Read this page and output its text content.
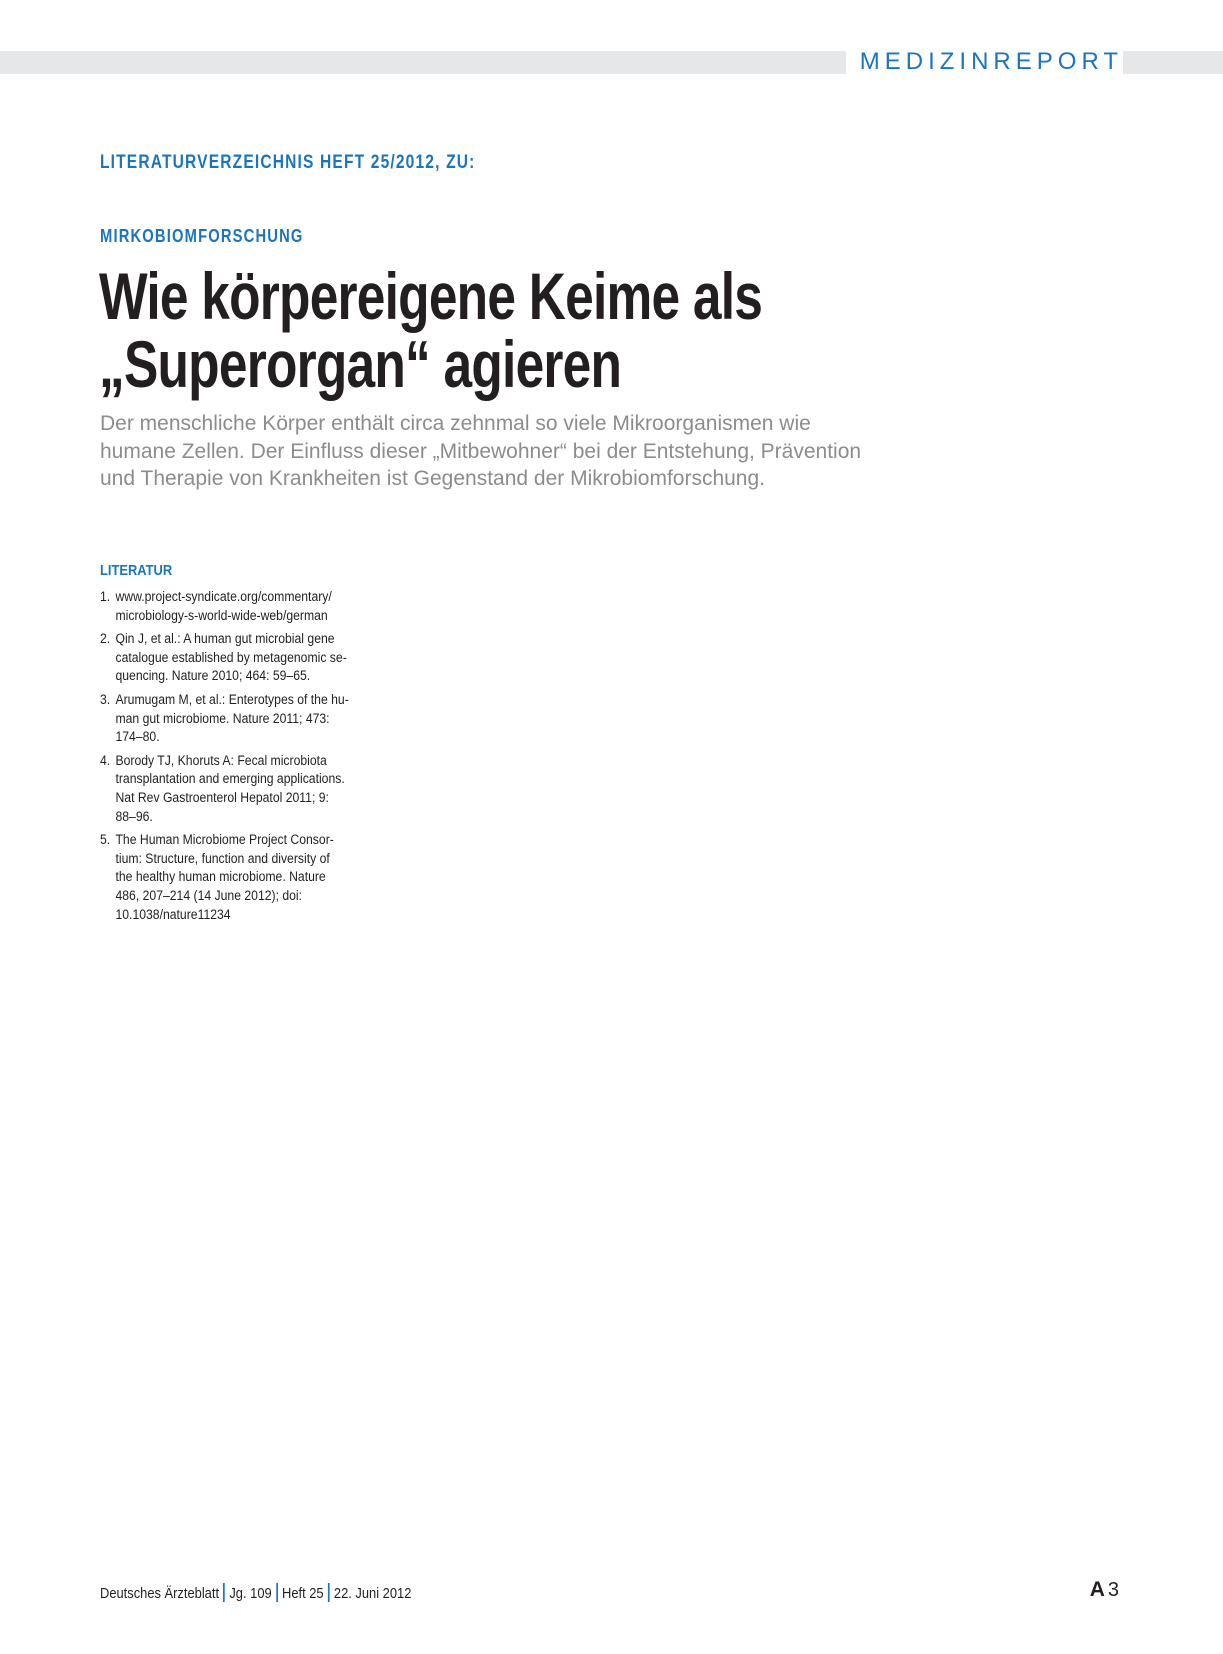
MEDIZINREPORT
LITERATURVERZEICHNIS HEFT 25/2012, ZU:
MIRKOBIOMFORSCHUNG
Wie körpereigene Keime als
„Superorgan“ agieren

Der menschliche Körper enthält circa zehnmal so viele Mikroorganismen wie
humane Zellen. Der Einfluss dieser „Mitbewohner“ bei der Entstehung, Prävention
und Therapie von Krankheiten ist Gegenstand der Mikrobiomforschung.

LITERATUR
1. www.project-syndicate.org/commentary/
microbiology-s-world-wide-web/german
2. Qin J, et al.: A human gut microbial gene
catalogue established by metagenomic se-
quencing. Nature 2010; 464: 59–65.
3. Arumugam M, et al.: Enterotypes of the hu-
man gut microbiome. Nature 2011; 473:
174–80.
4. Borody TJ, Khoruts A: Fecal microbiota
transplantation and emerging applications.
Nat Rev Gastroenterol Hepatol 2011; 9:
88–96.
5. The Human Microbiome Project Consor-
tium: Structure, function and diversity of
the healthy human microbiome. Nature
486, 207–214 (14 June 2012); doi:
10.1038/nature11234
Deutsches Ärzteblatt Jg. 109 Heft 25 22. Juni 2012	A 3
